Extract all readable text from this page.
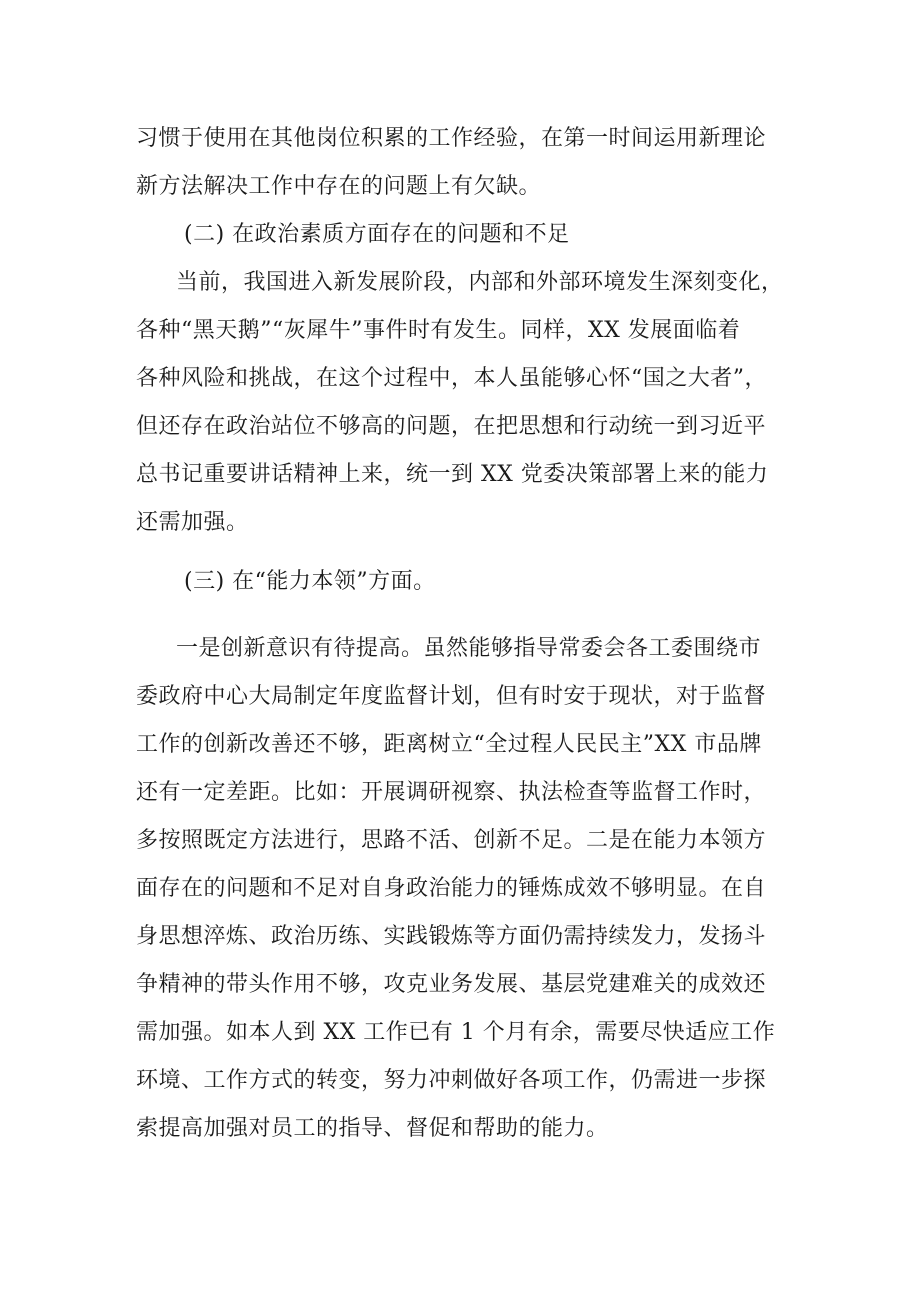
习惯于使用在其他岗位积累的工作经验，在第一时间运用新理论
新方法解决工作中存在的问题上有欠缺。
(二) 在政治素质方面存在的问题和不足
当前，我国进入新发展阶段，内部和外部环境发生深刻变化，
各种“黑天鹅”“灰犀牛”事件时有发生。同样，XX 发展面临着
各种风险和挑战，在这个过程中，本人虽能够心怀“国之大者”，
但还存在政治站位不够高的问题，在把思想和行动统一到习近平
总书记重要讲话精神上来，统一到 XX 党委决策部署上来的能力
还需加强。
(三) 在“能力本领”方面。
一是创新意识有待提高。虽然能够指导常委会各工委围绕市
委政府中心大局制定年度监督计划，但有时安于现状，对于监督
工作的创新改善还不够，距离树立“全过程人民民主”XX 市品牌
还有一定差距。比如：开展调研视察、执法检查等监督工作时，
多按照既定方法进行，思路不活、创新不足。二是在能力本领方
面存在的问题和不足对自身政治能力的锤炼成效不够明显。在自
身思想淬炼、政治历练、实践锻炼等方面仍需持续发力，发扬斗
争精神的带头作用不够，攻克业务发展、基层党建难关的成效还
需加强。如本人到 XX 工作已有 1 个月有余，需要尽快适应工作
环境、工作方式的转变，努力冲刺做好各项工作，仍需进一步探
索提高加强对员工的指导、督促和帮助的能力。
